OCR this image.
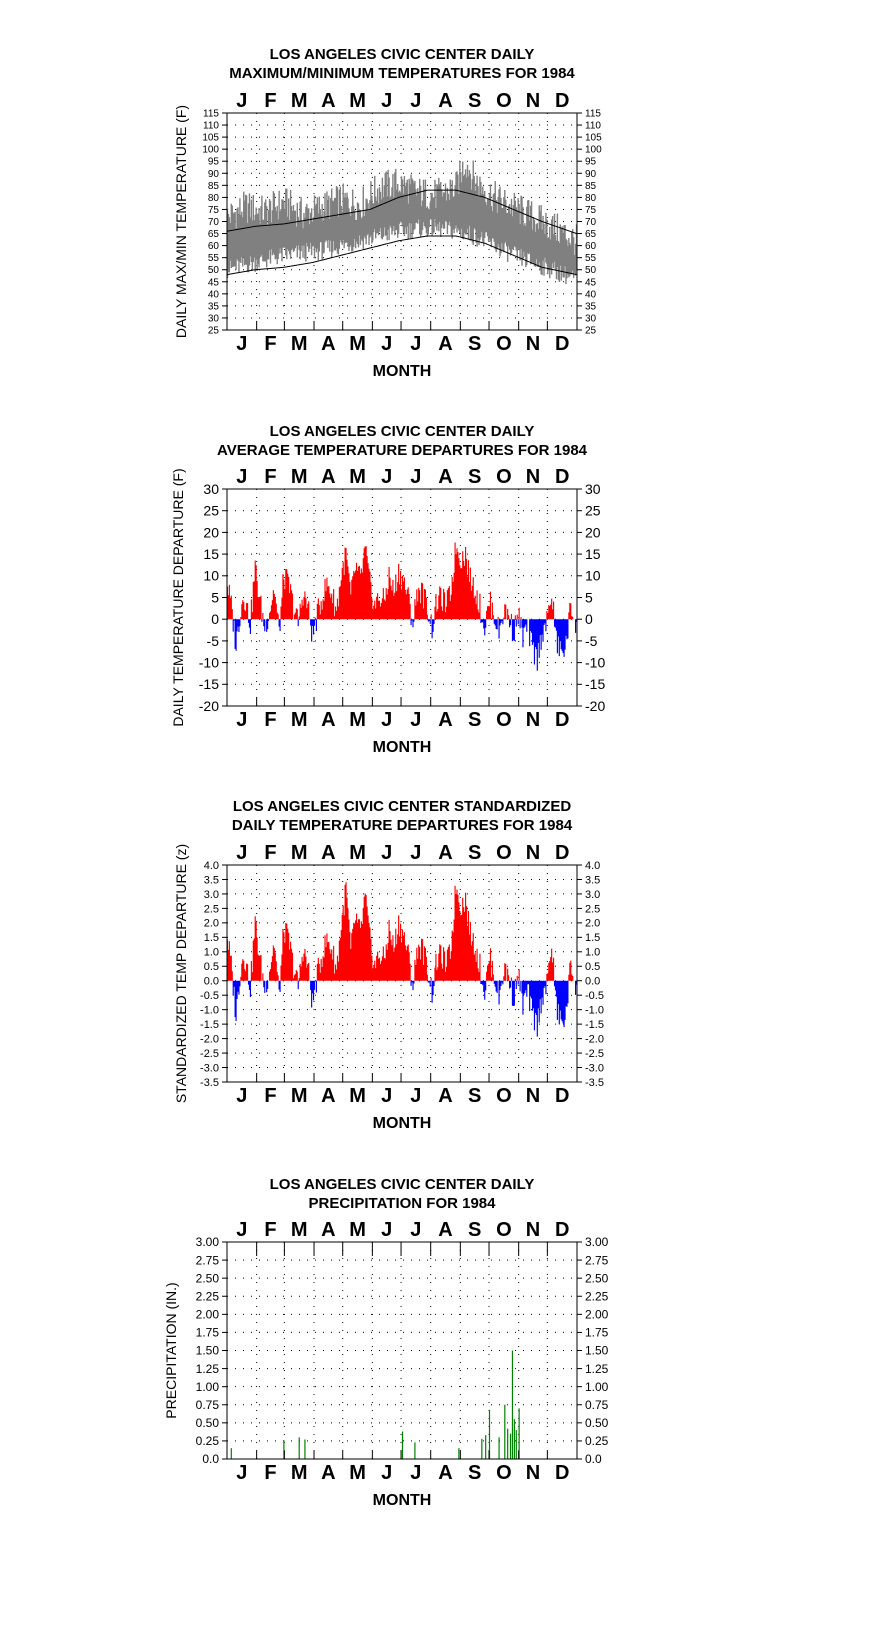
LOS ANGELES CIVIC CENTER DAILY
MAXIMUM/MINIMUM TEMPERATURES FOR 1984
25	25
30	30
35	35
40	40
45	45
50	50
55	55
60	60
65	65
70	70
75	75
80	80
85	85
90	90
95	95
100	100
105	105
110	110
115	115
J
J
F
F
M
M
A
A
M
M
J
J
J
J
A
A
S
S
O
O
N
N
D
D
MONTH
DAILY MAX/MIN TEMPERATURE (F)
LOS ANGELES CIVIC CENTER DAILY
AVERAGE TEMPERATURE DEPARTURES FOR 1984
-20	-20
-15	-15
-10	-10
-5	-5
0	0
5	5
10	10
15	15
20	20
25	25
30	30
J
J
F
F
M
M
A
A
M
M
J
J
J
J
A
A
S
S
O
O
N
N
D
D
MONTH
DAILY TEMPERATURE DEPARTURE (F)
LOS ANGELES CIVIC CENTER STANDARDIZED
DAILY TEMPERATURE DEPARTURES FOR 1984
-3.5	-3.5
-3.0	-3.0
-2.5	-2.5
-2.0	-2.0
-1.5	-1.5
-1.0	-1.0
-0.5	-0.5
0.0	0.0
0.5	0.5
1.0	1.0
1.5	1.5
2.0	2.0
2.5	2.5
3.0	3.0
3.5	3.5
4.0	4.0
J
J
F
F
M
M
A
A
M
M
J
J
J
J
A
A
S
S
O
O
N
N
D
D
MONTH
STANDARDIZED TEMP DEPARTURE (z)
LOS ANGELES CIVIC CENTER DAILY
PRECIPITATION FOR 1984
0.0	0.0
0.25	0.25
0.50	0.50
0.75	0.75
1.00	1.00
1.25	1.25
1.50	1.50
1.75	1.75
2.00	2.00
2.25	2.25
2.50	2.50
2.75	2.75
3.00	3.00
J
J
F
F
M
M
A
A
M
M
J
J
J
J
A
A
S
S
O
O
N
N
D
D
MONTH
PRECIPITATION (IN.)
